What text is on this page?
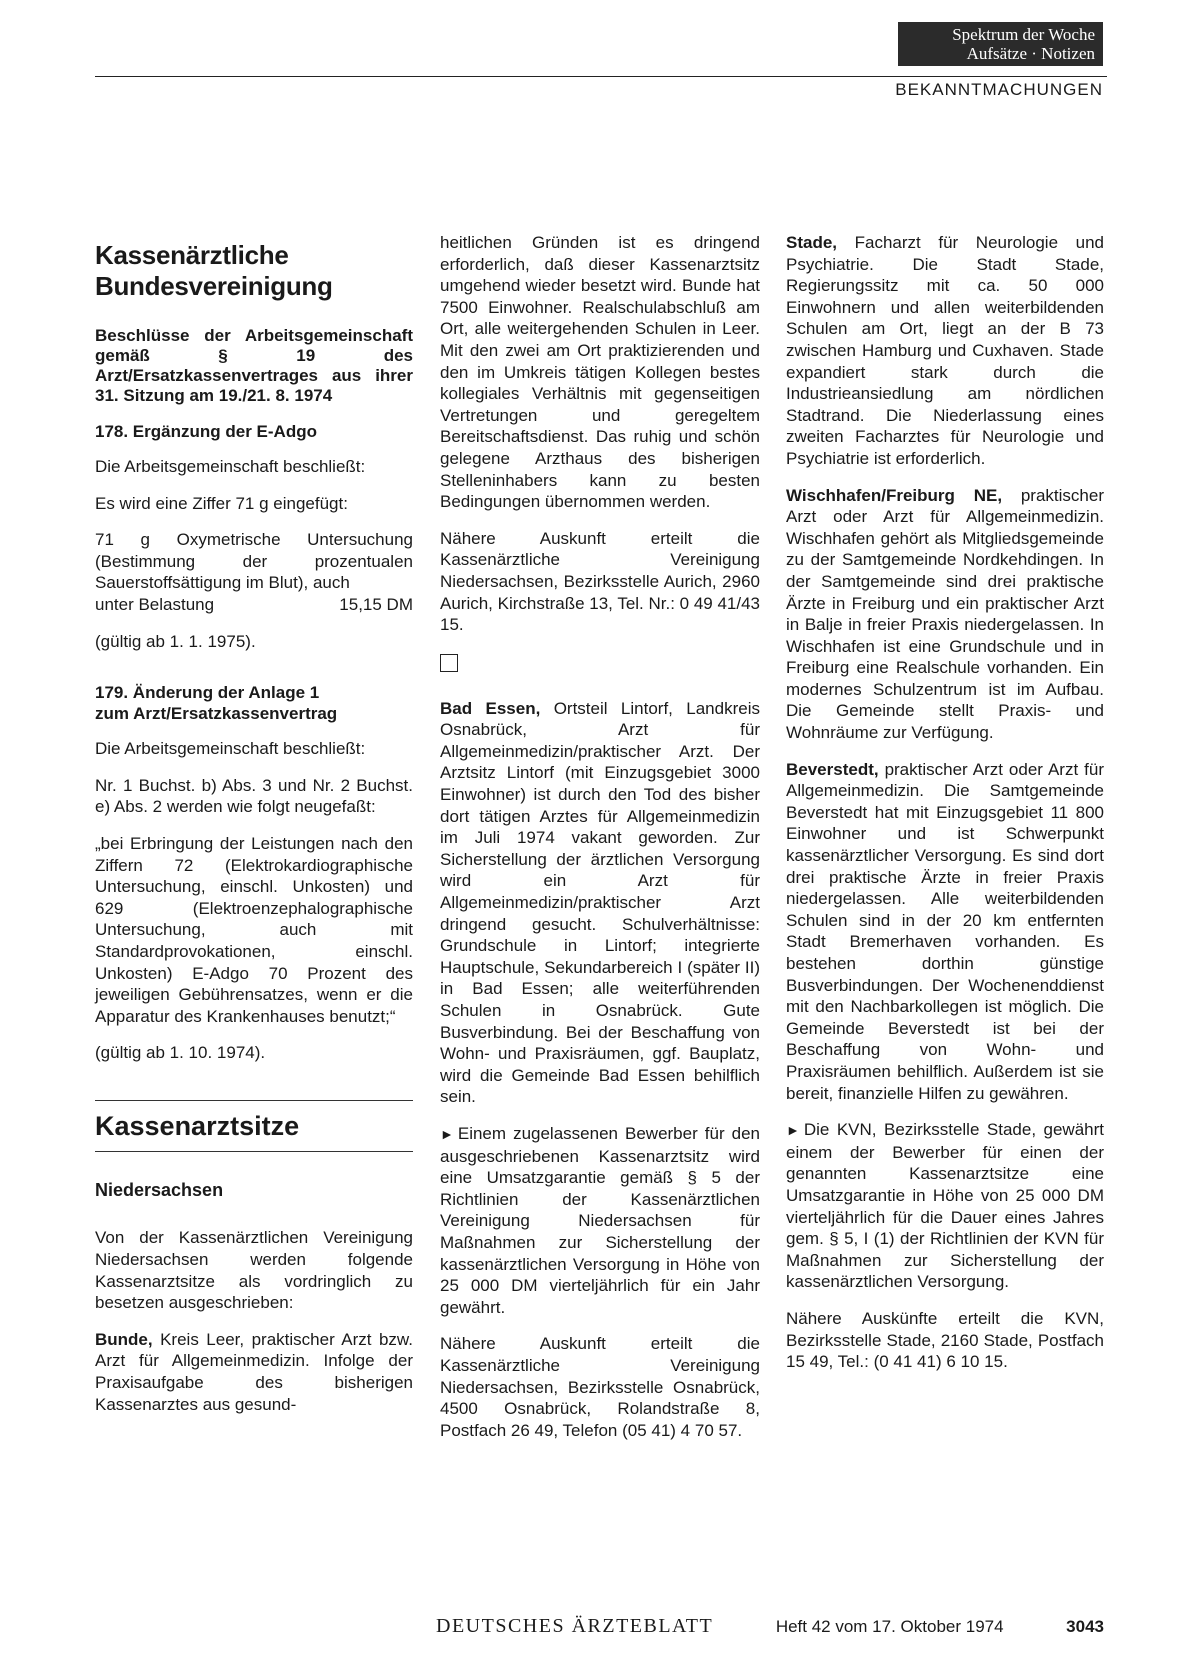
Spektrum der Woche
Aufsätze · Notizen
BEKANNTMACHUNGEN
Kassenärztliche
Bundesvereinigung

Beschlüsse der Arbeitsgemeinschaft gemäß § 19 des Arzt/Ersatzkassenvertrages aus ihrer 31. Sitzung am 19./21. 8. 1974

178. Ergänzung der E-Adgo

Die Arbeitsgemeinschaft beschließt:

Es wird eine Ziffer 71 g eingefügt:

71 g Oxymetrische Untersuchung (Bestimmung der prozentualen Sauerstoffsättigung im Blut), auch

unter Belastung	15,15 DM

(gültig ab 1. 1. 1975).

179. Änderung der Anlage 1
zum Arzt/Ersatzkassenvertrag

Die Arbeitsgemeinschaft beschließt:

Nr. 1 Buchst. b) Abs. 3 und Nr. 2 Buchst. e) Abs. 2 werden wie folgt neugefaßt:

„bei Erbringung der Leistungen nach den Ziffern 72 (Elektrokardiographische Untersuchung, einschl. Unkosten) und 629 (Elektroenzephalographische Untersuchung, auch mit Standardprovokationen, einschl. Unkosten) E-Adgo 70 Prozent des jeweiligen Gebührensatzes, wenn er die Apparatur des Krankenhauses benutzt;“

(gültig ab 1. 10. 1974).

Kassenarztsitze
Niedersachsen

Von der Kassenärztlichen Vereinigung Niedersachsen werden folgende Kassenarztsitze als vordringlich zu besetzen ausgeschrieben:

Bunde, Kreis Leer, praktischer Arzt bzw. Arzt für Allgemeinmedizin. Infolge der Praxisaufgabe des bisherigen Kassenarztes aus gesund-

heitlichen Gründen ist es dringend erforderlich, daß dieser Kassenarztsitz umgehend wieder besetzt wird. Bunde hat 7500 Einwohner. Realschulabschluß am Ort, alle weitergehenden Schulen in Leer. Mit den zwei am Ort praktizierenden und den im Umkreis tätigen Kollegen bestes kollegiales Verhältnis mit gegenseitigen Vertretungen und geregeltem Bereitschaftsdienst. Das ruhig und schön gelegene Arzthaus des bisherigen Stelleninhabers kann zu besten Bedingungen übernommen werden.

Nähere Auskunft erteilt die Kassenärztliche Vereinigung Niedersachsen, Bezirksstelle Aurich, 2960 Aurich, Kirchstraße 13, Tel. Nr.: 0 49 41/43 15.

Bad Essen, Ortsteil Lintorf, Landkreis Osnabrück, Arzt für Allgemeinmedizin/praktischer Arzt. Der Arztsitz Lintorf (mit Einzugsgebiet 3000 Einwohner) ist durch den Tod des bisher dort tätigen Arztes für Allgemeinmedizin im Juli 1974 vakant geworden. Zur Sicherstellung der ärztlichen Versorgung wird ein Arzt für Allgemeinmedizin/praktischer Arzt dringend gesucht. Schulverhältnisse: Grundschule in Lintorf; integrierte Hauptschule, Sekundarbereich I (später II) in Bad Essen; alle weiterführenden Schulen in Osnabrück. Gute Busverbindung. Bei der Beschaffung von Wohn- und Praxisräumen, ggf. Bauplatz, wird die Gemeinde Bad Essen behilflich sein.

► Einem zugelassenen Bewerber für den ausgeschriebenen Kassenarztsitz wird eine Umsatzgarantie gemäß § 5 der Richtlinien der Kassenärztlichen Vereinigung Niedersachsen für Maßnahmen zur Sicherstellung der kassenärztlichen Versorgung in Höhe von 25 000 DM vierteljährlich für ein Jahr gewährt.

Nähere Auskunft erteilt die Kassenärztliche Vereinigung Niedersachsen, Bezirksstelle Osnabrück, 4500 Osnabrück, Rolandstraße 8, Postfach 26 49, Telefon (05 41) 4 70 57.

Stade, Facharzt für Neurologie und Psychiatrie. Die Stadt Stade, Regierungssitz mit ca. 50 000 Einwohnern und allen weiterbildenden Schulen am Ort, liegt an der B 73 zwischen Hamburg und Cuxhaven. Stade expandiert stark durch die Industrieansiedlung am nördlichen Stadtrand. Die Niederlassung eines zweiten Facharztes für Neurologie und Psychiatrie ist erforderlich.

Wischhafen/Freiburg NE, praktischer Arzt oder Arzt für Allgemeinmedizin. Wischhafen gehört als Mitgliedsgemeinde zu der Samtgemeinde Nordkehdingen. In der Samtgemeinde sind drei praktische Ärzte in Freiburg und ein praktischer Arzt in Balje in freier Praxis niedergelassen. In Wischhafen ist eine Grundschule und in Freiburg eine Realschule vorhanden. Ein modernes Schulzentrum ist im Aufbau. Die Gemeinde stellt Praxis- und Wohnräume zur Verfügung.

Beverstedt, praktischer Arzt oder Arzt für Allgemeinmedizin. Die Samtgemeinde Beverstedt hat mit Einzugsgebiet 11 800 Einwohner und ist Schwerpunkt kassenärztlicher Versorgung. Es sind dort drei praktische Ärzte in freier Praxis niedergelassen. Alle weiterbildenden Schulen sind in der 20 km entfernten Stadt Bremerhaven vorhanden. Es bestehen dorthin günstige Busverbindungen. Der Wochenenddienst mit den Nachbarkollegen ist möglich. Die Gemeinde Beverstedt ist bei der Beschaffung von Wohn- und Praxisräumen behilflich. Außerdem ist sie bereit, finanzielle Hilfen zu gewähren.

► Die KVN, Bezirksstelle Stade, gewährt einem der Bewerber für einen der genannten Kassenarztsitze eine Umsatzgarantie in Höhe von 25 000 DM vierteljährlich für die Dauer eines Jahres gem. § 5, I (1) der Richtlinien der KVN für Maßnahmen zur Sicherstellung der kassenärztlichen Versorgung.

Nähere Auskünfte erteilt die KVN, Bezirksstelle Stade, 2160 Stade, Postfach 15 49, Tel.: (0 41 41) 6 10 15.

DEUTSCHES ÄRZTEBLATT	Heft 42 vom 17. Oktober 1974	3043
